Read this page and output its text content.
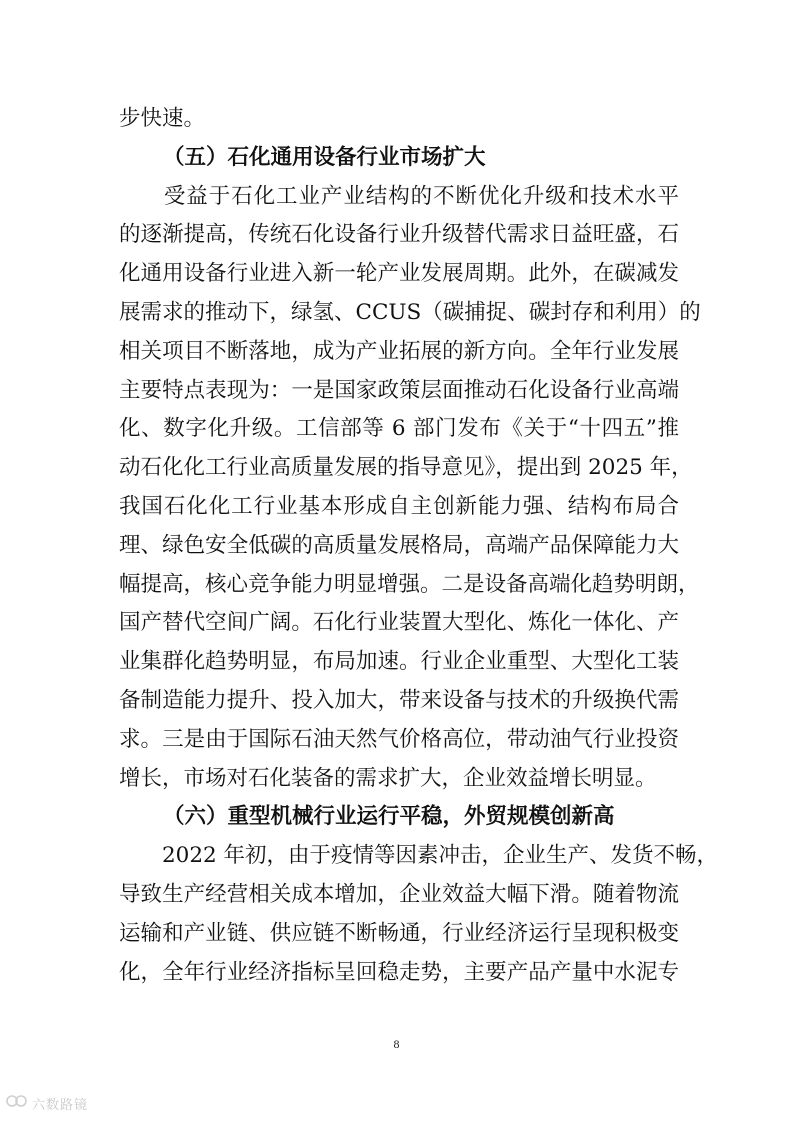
步快速。
（五）石化通用设备行业市场扩大
　　受益于石化工业产业结构的不断优化升级和技术水平
的逐渐提高，传统石化设备行业升级替代需求日益旺盛，石
化通用设备行业进入新一轮产业发展周期。此外，在碳减发
展需求的推动下，绿氢、CCUS（碳捕捉、碳封存和利用）的
相关项目不断落地，成为产业拓展的新方向。全年行业发展
主要特点表现为：一是国家政策层面推动石化设备行业高端
化、数字化升级。工信部等 6 部门发布《关于“十四五”推
动石化化工行业高质量发展的指导意见》，提出到 2025 年，
我国石化化工行业基本形成自主创新能力强、结构布局合
理、绿色安全低碳的高质量发展格局，高端产品保障能力大
幅提高，核心竞争能力明显增强。二是设备高端化趋势明朗，
国产替代空间广阔。石化行业装置大型化、炼化一体化、产
业集群化趋势明显，布局加速。行业企业重型、大型化工装
备制造能力提升、投入加大，带来设备与技术的升级换代需
求。三是由于国际石油天然气价格高位，带动油气行业投资
增长，市场对石化装备的需求扩大，企业效益增长明显。
（六）重型机械行业运行平稳，外贸规模创新高
　　2022 年初，由于疫情等因素冲击，企业生产、发货不畅，
导致生产经营相关成本增加，企业效益大幅下滑。随着物流
运输和产业链、供应链不断畅通，行业经济运行呈现积极变
化，全年行业经济指标呈回稳走势，主要产品产量中水泥专
8
六数路镜
